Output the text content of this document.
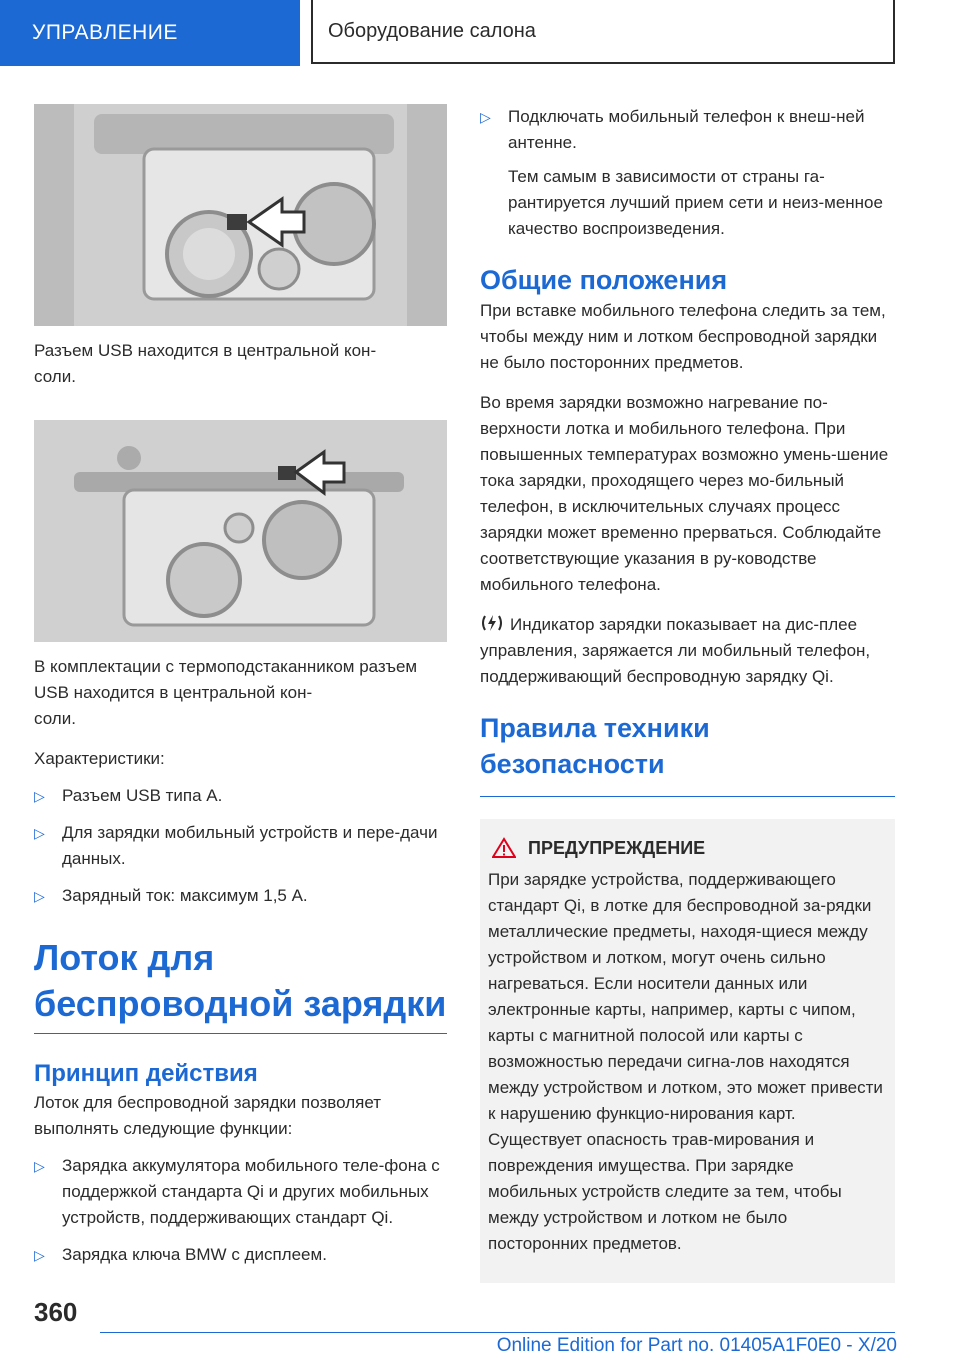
УПРАВЛЕНИЕ	Оборудование салона

Разъем USB находится в центральной кон-
соли.

В комплектации с термоподстаканником разъем USB находится в центральной кон-
соли.

Характеристики:

▷ Разъем USB типа A.
▷ Для зарядки мобильный устройств и пере-дачи данных.
▷ Зарядный ток: максимум 1,5 A.
Лоток для беспроводной зарядки
Принцип действия

Лоток для беспроводной зарядки позволяет выполнять следующие функции:

▷ Зарядка аккумулятора мобильного теле-фона с поддержкой стандарта Qi и других мобильных устройств, поддерживающих стандарт Qi.
▷ Зарядка ключа BMW с дисплеем.
▷ Подключать мобильный телефон к внеш-ней антенне.

Тем самым в зависимости от страны га-рантируется лучший прием сети и неиз-менное качество воспроизведения.

Общие положения

При вставке мобильного телефона следить за тем, чтобы между ним и лотком беспроводной зарядки не было посторонних предметов.

Во время зарядки возможно нагревание по-верхности лотка и мобильного телефона. При повышенных температурах возможно умень-шение тока зарядки, проходящего через мо-бильный телефон, в исключительных случаях процесс зарядки может временно прерваться. Соблюдайте соответствующие указания в ру-ководстве мобильного телефона.

Индикатор зарядки показывает на дис-плее управления, заряжается ли мобильный телефон, поддерживающий беспроводную зарядку Qi.

Правила техники безопасности
ПРЕДУПРЕЖДЕНИЕ

При зарядке устройства, поддерживающего стандарт Qi, в лотке для беспроводной за-рядки металлические предметы, находя-щиеся между устройством и лотком, могут очень сильно нагреваться. Если носители данных или электронные карты, например, карты с чипом, карты с магнитной полосой или карты с возможностью передачи сигна-лов находятся между устройством и лотком, это может привести к нарушению функцио-нирования карт. Существует опасность трав-мирования и повреждения имущества. При зарядке мобильных устройств следите за тем, чтобы между устройством и лотком не было посторонних предметов.

360
Online Edition for Part no. 01405A1F0E0 - X/20
